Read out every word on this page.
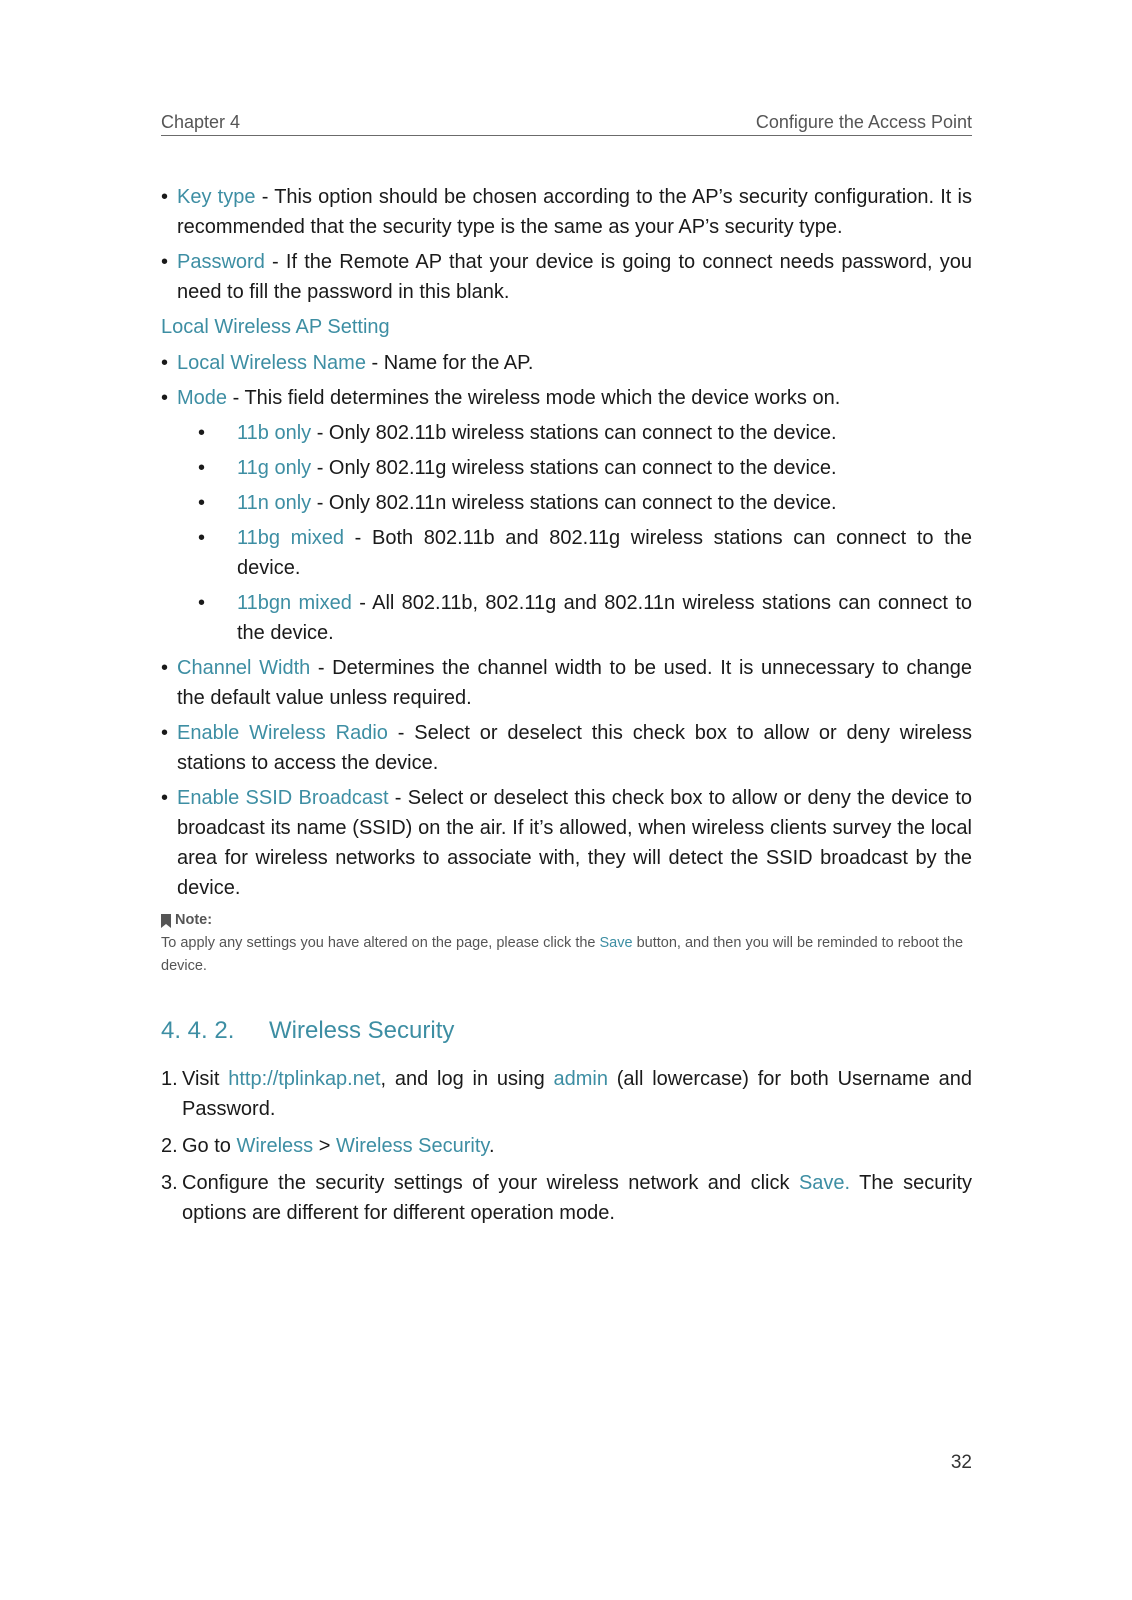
Chapter 4	Configure the Access Point
• Key type - This option should be chosen according to the AP’s security configuration. It is recommended that the security type is the same as your AP’s security type.
• Password - If the Remote AP that your device is going to connect needs password, you need to fill the password in this blank.
Local Wireless AP Setting
• Local Wireless Name - Name for the AP.
• Mode - This field determines the wireless mode which the device works on.
• 11b only - Only 802.11b wireless stations can connect to the device.
• 11g only - Only 802.11g wireless stations can connect to the device.
• 11n only - Only 802.11n wireless stations can connect to the device.
• 11bg mixed - Both 802.11b and 802.11g wireless stations can connect to the device.
• 11bgn mixed - All 802.11b, 802.11g and 802.11n wireless stations can connect to the device.
• Channel Width - Determines the channel width to be used. It is unnecessary to change the default value unless required.
• Enable Wireless Radio - Select or deselect this check box to allow or deny wireless stations to access the device.
• Enable SSID Broadcast - Select or deselect this check box to allow or deny the device to broadcast its name (SSID) on the air. If it’s allowed, when wireless clients survey the local area for wireless networks to associate with, they will detect the SSID broadcast by the device.
Note:
To apply any settings you have altered on the page, please click the Save button, and then you will be reminded to reboot the device.
4. 4. 2.	Wireless Security
1. Visit http://tplinkap.net, and log in using admin (all lowercase) for both Username and Password.
2. Go to Wireless > Wireless Security.
3. Configure the security settings of your wireless network and click Save. The security options are different for different operation mode.
32
